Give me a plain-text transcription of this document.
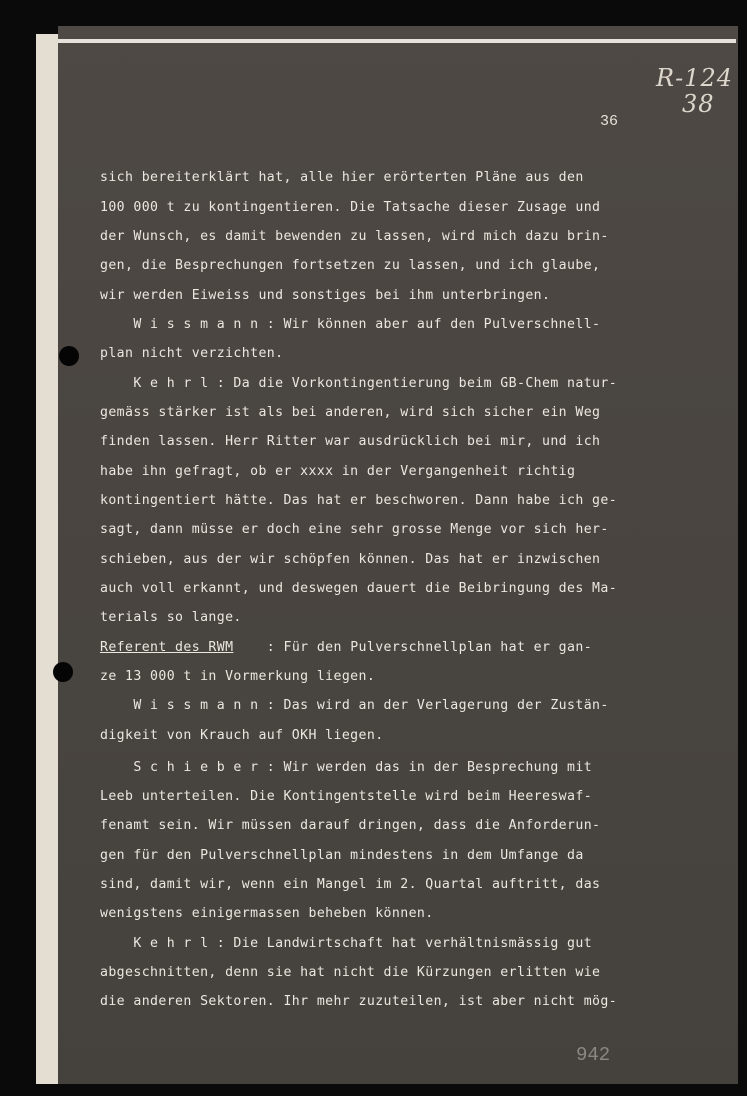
R-124
38
36
sich bereiterklärt hat, alle hier erörterten Pläne aus den
100 000 t zu kontingentieren. Die Tatsache dieser Zusage und
der Wunsch, es damit bewenden zu lassen, wird mich dazu brin-
gen, die Besprechungen fortsetzen zu lassen, und ich glaube,
wir werden Eiweiss und sonstiges bei ihm unterbringen.
W i s s m a n n : Wir können aber auf den Pulverschnell-
plan nicht verzichten.
K e h r l : Da die Vorkontingentierung beim GB-Chem natur-
gemäss stärker ist als bei anderen, wird sich sicher ein Weg
finden lassen. Herr Ritter war ausdrücklich bei mir, und ich
habe ihn gefragt, ob er xxxx in der Vergangenheit richtig
kontingentiert hätte. Das hat er beschworen. Dann habe ich ge-
sagt, dann müsse er doch eine sehr grosse Menge vor sich her-
schieben, aus der wir schöpfen können. Das hat er inzwischen
auch voll erkannt, und deswegen dauert die Beibringung des Ma-
terials so lange.
Referent des RWM    : Für den Pulverschnellplan hat er gan-
ze 13 000 t in Vormerkung liegen.
W i s s m a n n : Das wird an der Verlagerung der Zustän-
digkeit von Krauch auf OKH liegen.
S c h i e b e r : Wir werden das in der Besprechung mit
Leeb unterteilen. Die Kontingentstelle wird beim Heereswaf-
fenamt sein. Wir müssen darauf dringen, dass die Anforderun-
gen für den Pulverschnellplan mindestens in dem Umfange da
sind, damit wir, wenn ein Mangel im 2. Quartal auftritt, das
wenigstens einigermassen beheben können.
K e h r l : Die Landwirtschaft hat verhältnismässig gut
abgeschnitten, denn sie hat nicht die Kürzungen erlitten wie
die anderen Sektoren. Ihr mehr zuzuteilen, ist aber nicht mög-
942
